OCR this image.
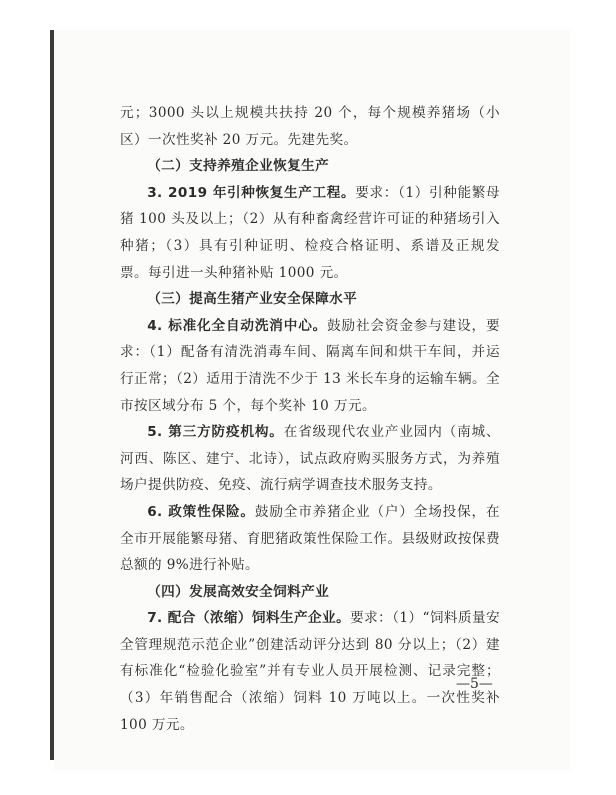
元；3000 头以上规模共扶持 20 个，每个规模养猪场（小区）一次性奖补 20 万元。先建先奖。

（二）支持养殖企业恢复生产

3. 2019 年引种恢复生产工程。要求：（1）引种能繁母猪 100 头及以上；（2）从有种畜禽经营许可证的种猪场引入种猪；（3）具有引种证明、检疫合格证明、系谱及正规发票。每引进一头种猪补贴 1000 元。

（三）提高生猪产业安全保障水平

4. 标准化全自动洗消中心。鼓励社会资金参与建设，要求：（1）配备有清洗消毒车间、隔离车间和烘干车间，并运行正常；（2）适用于清洗不少于 13 米长车身的运输车辆。全市按区域分布 5 个，每个奖补 10 万元。

5. 第三方防疫机构。在省级现代农业产业园内（南城、河西、陈区、建宁、北诗），试点政府购买服务方式，为养殖场户提供防疫、免疫、流行病学调查技术服务支持。

6. 政策性保险。鼓励全市养猪企业（户）全场投保，在全市开展能繁母猪、育肥猪政策性保险工作。县级财政按保费总额的 9%进行补贴。

（四）发展高效安全饲料产业

7. 配合（浓缩）饲料生产企业。要求：（1）“饲料质量安全管理规范示范企业”创建活动评分达到 80 分以上；（2）建有标准化“检验化验室”并有专业人员开展检测、记录完整；（3）年销售配合（浓缩）饲料 10 万吨以上。一次性奖补 100 万元。

—5—
